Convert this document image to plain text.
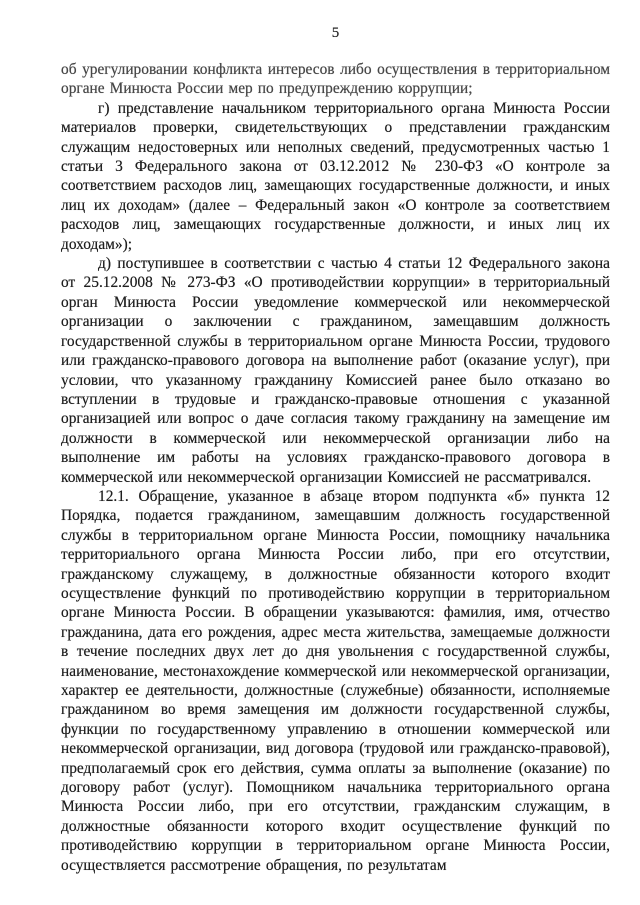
5

об урегулировании конфликта интересов либо осуществления в территориальном органе Минюста России мер по предупреждению коррупции;

г) представление начальником территориального органа Минюста России материалов проверки, свидетельствующих о представлении гражданским служащим недостоверных или неполных сведений, предусмотренных частью 1 статьи 3 Федерального закона от 03.12.2012 № 230-ФЗ «О контроле за соответствием расходов лиц, замещающих государственные должности, и иных лиц их доходам» (далее – Федеральный закон «О контроле за соответствием расходов лиц, замещающих государственные должности, и иных лиц их доходам»);

д) поступившее в соответствии с частью 4 статьи 12 Федерального закона от 25.12.2008 № 273-ФЗ «О противодействии коррупции» в территориальный орган Минюста России уведомление коммерческой или некоммерческой организации о заключении с гражданином, замещавшим должность государственной службы в территориальном органе Минюста России, трудового или гражданско-правового договора на выполнение работ (оказание услуг), при условии, что указанному гражданину Комиссией ранее было отказано во вступлении в трудовые и гражданско-правовые отношения с указанной организацией или вопрос о даче согласия такому гражданину на замещение им должности в коммерческой или некоммерческой организации либо на выполнение им работы на условиях гражданско-правового договора в коммерческой или некоммерческой организации Комиссией не рассматривался.

12.1. Обращение, указанное в абзаце втором подпункта «б» пункта 12 Порядка, подается гражданином, замещавшим должность государственной службы в территориальном органе Минюста России, помощнику начальника территориального органа Минюста России либо, при его отсутствии, гражданскому служащему, в должностные обязанности которого входит осуществление функций по противодействию коррупции в территориальном органе Минюста России. В обращении указываются: фамилия, имя, отчество гражданина, дата его рождения, адрес места жительства, замещаемые должности в течение последних двух лет до дня увольнения с государственной службы, наименование, местонахождение коммерческой или некоммерческой организации, характер ее деятельности, должностные (служебные) обязанности, исполняемые гражданином во время замещения им должности государственной службы, функции по государственному управлению в отношении коммерческой или некоммерческой организации, вид договора (трудовой или гражданско-правовой), предполагаемый срок его действия, сумма оплаты за выполнение (оказание) по договору работ (услуг). Помощником начальника территориального органа Минюста России либо, при его отсутствии, гражданским служащим, в должностные обязанности которого входит осуществление функций по противодействию коррупции в территориальном органе Минюста России, осуществляется рассмотрение обращения, по результатам
